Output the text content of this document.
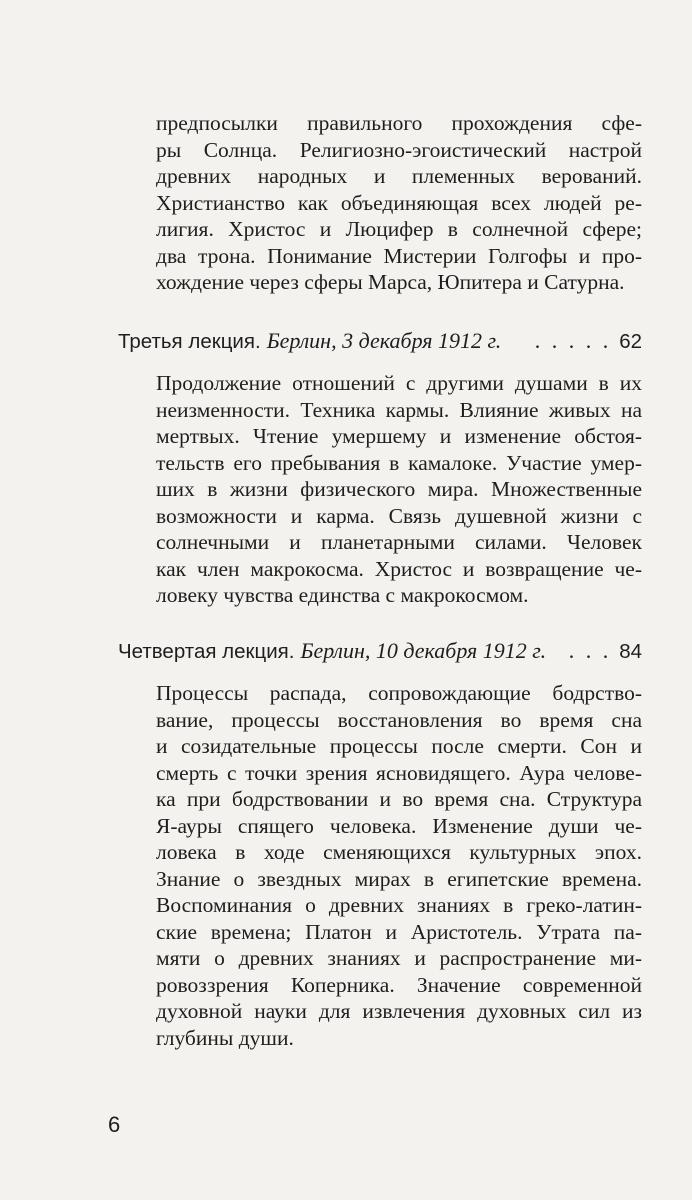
предпосылки правильного прохождения сфе-
ры Солнца. Религиозно-эгоистический настрой
древних народных и племенных верований.
Христианство как объединяющая всех людей ре-
лигия. Христос и Люцифер в солнечной сфере;
два трона. Понимание Мистерии Голгофы и про-
хождение через сферы Марса, Юпитера и Сатурна.
Третья лекция. Берлин, 3 декабря 1912 г.	. . . . . 62
Продолжение отношений с другими душами в их
неизменности. Техника кармы. Влияние живых на
мертвых. Чтение умершему и изменение обстоя-
тельств его пребывания в камалоке. Участие умер-
ших в жизни физического мира. Множественные
возможности и карма. Связь душевной жизни с
солнечными и планетарными силами. Человек
как член макрокосма. Христос и возвращение че-
ловеку чувства единства с макрокосмом.
Четвертая лекция. Берлин, 10 декабря 1912 г.	. . . 84
Процессы распада, сопровождающие бодрство-
вание, процессы восстановления во время сна
и созидательные процессы после смерти. Сон и
смерть с точки зрения ясновидящего. Аура челове-
ка при бодрствовании и во время сна. Структура
Я-ауры спящего человека. Изменение души че-
ловека в ходе сменяющихся культурных эпох.
Знание о звездных мирах в египетские времена.
Воспоминания о древних знаниях в греко-латин-
ские времена; Платон и Аристотель. Утрата па-
мяти о древних знаниях и распространение ми-
ровоззрения Коперника. Значение современной
духовной науки для извлечения духовных сил из
глубины души.
6
